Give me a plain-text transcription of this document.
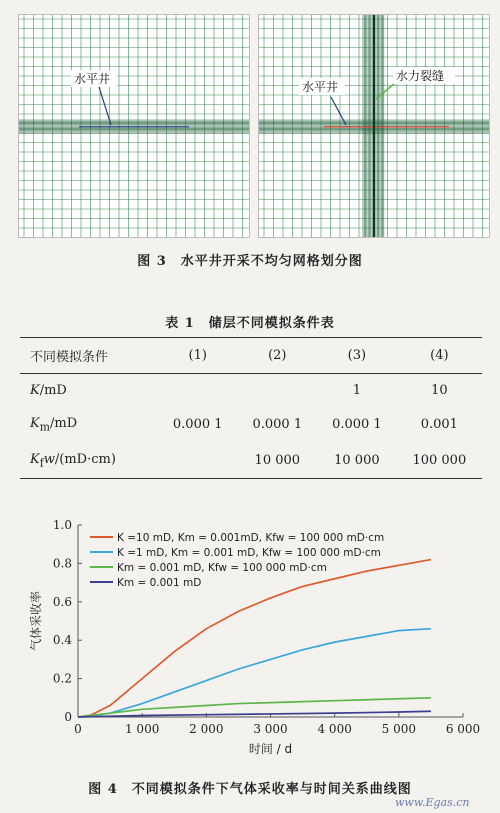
水平井
水平井
水力裂缝
图 3　水平井开采不均匀网格划分图
表 1　储层不同模拟条件表
不同模拟条件	(1)	(2)	(3)	(4)
K/mD			1	10
$K_m/mD$	0.000 1	0.000 1	0.000 1	0.001
$K_fw/(mD\cdot cm)$		10 000	10 000	100 000
0	1 000 2 000 3 000 4 000 5 000 6 000
0
0.2
0.4
0.6
0.8
1.0
时间 / d
气体采收率
K =10 mD, Km = 0.001mD, Kfw = 100 000 mD·cm
K =1 mD, Km = 0.001 mD, Kfw = 100 000 mD·cm
Km = 0.001 mD, Kfw = 100 000 mD·cm
Km = 0.001 mD
图 4　不同模拟条件下气体采收率与时间关系曲线图
www.Egas.cn
